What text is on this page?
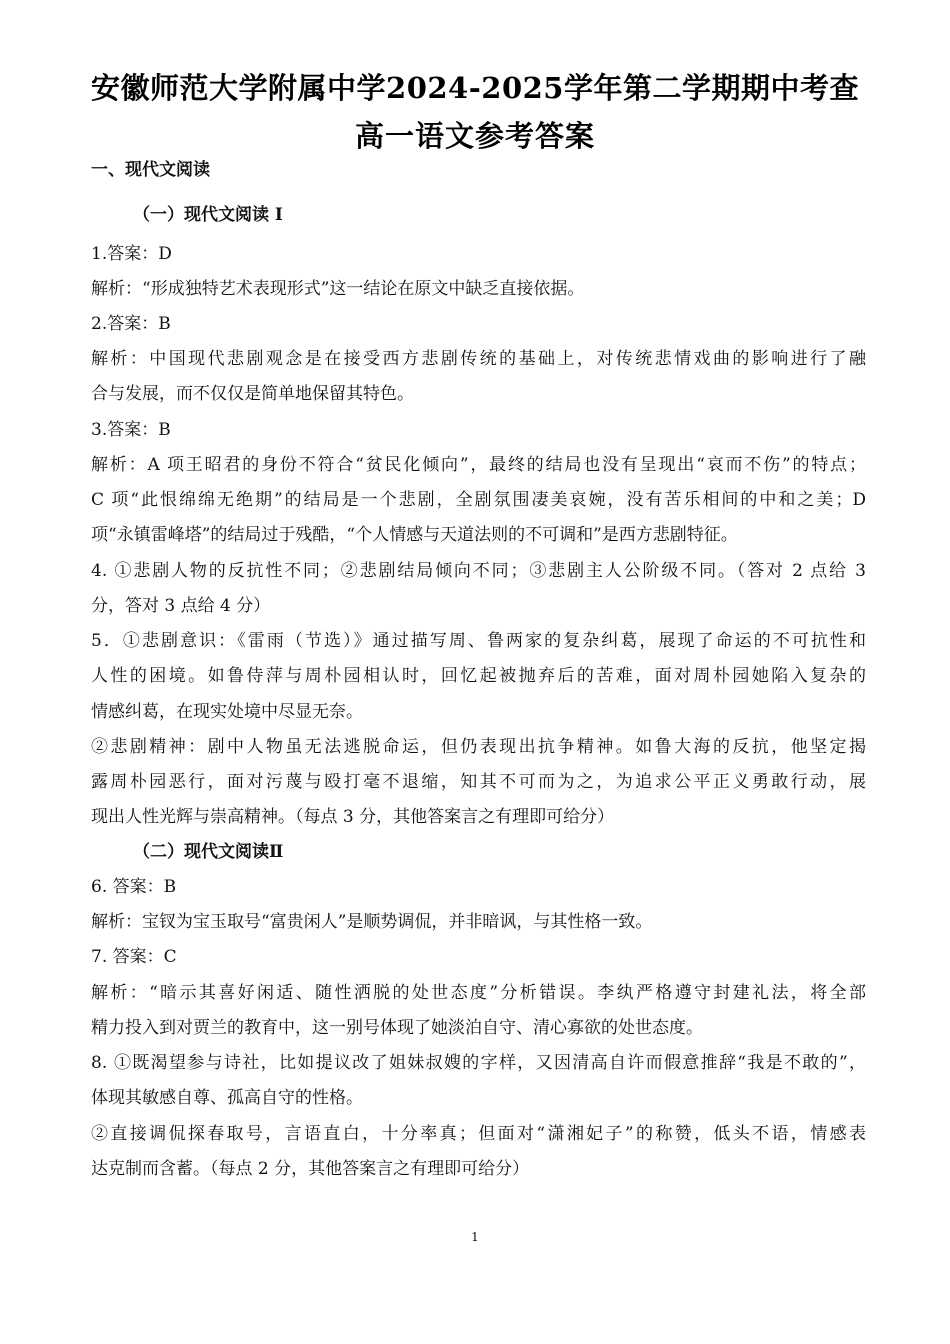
安徽师范大学附属中学2024-2025学年第二学期期中考查
高一语文参考答案
一、现代文阅读
（一）现代文阅读 I
1.答案：D
解析：“形成独特艺术表现形式”这一结论在原文中缺乏直接依据。
2.答案：B
解析：中国现代悲剧观念是在接受西方悲剧传统的基础上，对传统悲情戏曲的影响进行了融
合与发展，而不仅仅是简单地保留其特色。
3.答案：B
解析：A 项王昭君的身份不符合“贫民化倾向”，最终的结局也没有呈现出“哀而不伤”的特点；
C 项“此恨绵绵无绝期”的结局是一个悲剧，全剧氛围凄美哀婉，没有苦乐相间的中和之美；D
项“永镇雷峰塔”的结局过于残酷，“个人情感与天道法则的不可调和”是西方悲剧特征。
4. ①悲剧人物的反抗性不同；②悲剧结局倾向不同；③悲剧主人公阶级不同。（答对 2 点给 3
分，答对 3 点给 4 分）
5．①悲剧意识：《雷雨（节选）》通过描写周、鲁两家的复杂纠葛，展现了命运的不可抗性和
人性的困境。如鲁侍萍与周朴园相认时，回忆起被抛弃后的苦难，面对周朴园她陷入复杂的
情感纠葛，在现实处境中尽显无奈。
②悲剧精神：剧中人物虽无法逃脱命运，但仍表现出抗争精神。如鲁大海的反抗，他坚定揭
露周朴园恶行，面对污蔑与殴打毫不退缩，知其不可而为之，为追求公平正义勇敢行动，展
现出人性光辉与崇高精神。（每点 3 分，其他答案言之有理即可给分）
（二）现代文阅读Ⅱ
6. 答案：B
解析：宝钗为宝玉取号“富贵闲人”是顺势调侃，并非暗讽，与其性格一致。
7. 答案：C
解析：“暗示其喜好闲适、随性洒脱的处世态度”分析错误。李纨严格遵守封建礼法，将全部
精力投入到对贾兰的教育中，这一别号体现了她淡泊自守、清心寡欲的处世态度。
8. ①既渴望参与诗社，比如提议改了姐妹叔嫂的字样，又因清高自许而假意推辞“我是不敢的”，
体现其敏感自尊、孤高自守的性格。
②直接调侃探春取号，言语直白，十分率真；但面对“潇湘妃子”的称赞，低头不语，情感表
达克制而含蓄。（每点 2 分，其他答案言之有理即可给分）
1
